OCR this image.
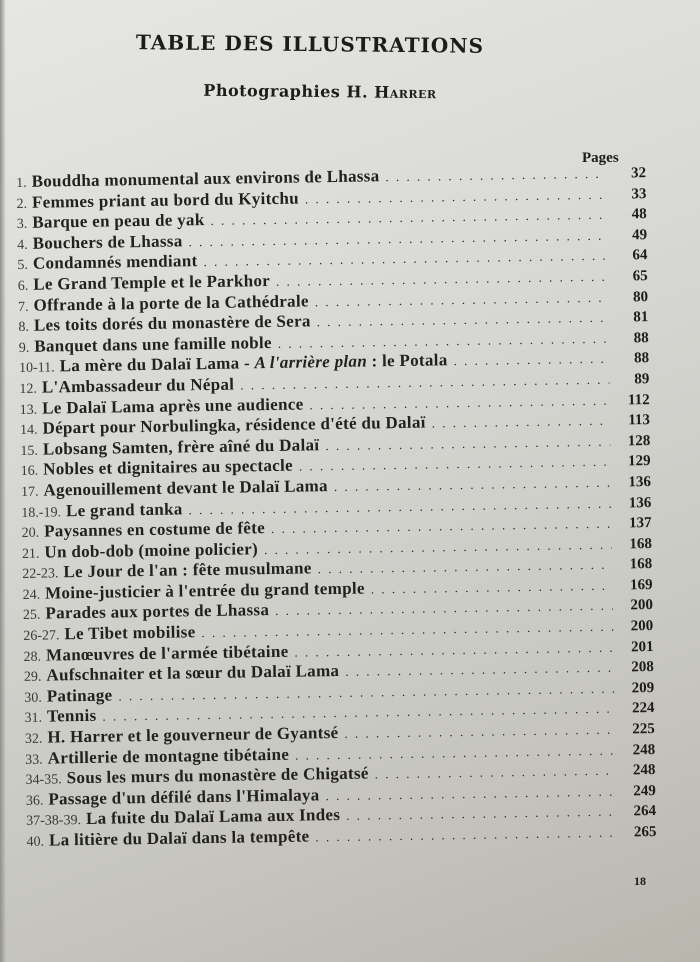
TABLE DES ILLUSTRATIONS
Photographies H. Harrer
Pages
1. Bouddha monumental aux environs de Lhassa . . .	32
2. Femmes priant au bord du Kyitchu . . .	33
3. Barque en peau de yak . . .	48
4. Bouchers de Lhassa . . .	49
5. Condamnés mendiant . . .	64
6. Le Grand Temple et le Parkhor . . .	65
7. Offrande à la porte de la Cathédrale . . .	80
8. Les toits dorés du monastère de Sera . . .	81
9. Banquet dans une famille noble . . .	88
10-11. La mère du Dalaï Lama - A l'arrière plan : le Potala . . .	88
12. L'Ambassadeur du Népal . . .	89
13. Le Dalaï Lama après une audience . . .	112
14. Départ pour Norbulingka, résidence d'été du Dalaï . . .	113
15. Lobsang Samten, frère aîné du Dalaï . . .	128
16. Nobles et dignitaires au spectacle . . .	129
17. Agenouillement devant le Dalaï Lama . . .	136
18.-19. Le grand tanka . . .	136
20. Paysannes en costume de fête . . .	137
21. Un dob-dob (moine policier) . . .	168
22-23. Le Jour de l'an : fête musulmane . . .	168
24. Moine-justicier à l'entrée du grand temple . . .	169
25. Parades aux portes de Lhassa . . .	200
26-27. Le Tibet mobilise . . .	200
28. Manœuvres de l'armée tibétaine . . .	201
29. Aufschnaiter et la sœur du Dalaï Lama . . .	208
30. Patinage . . .	209
31. Tennis . . .	224
32. H. Harrer et le gouverneur de Gyantsé . . .	225
33. Artillerie de montagne tibétaine . . .	248
34-35. Sous les murs du monastère de Chigatsé . . .	248
36. Passage d'un défilé dans l'Himalaya . . .	249
37-38-39. La fuite du Dalaï Lama aux Indes . . .	264
40. La litière du Dalaï dans la tempête . . .	265
18
